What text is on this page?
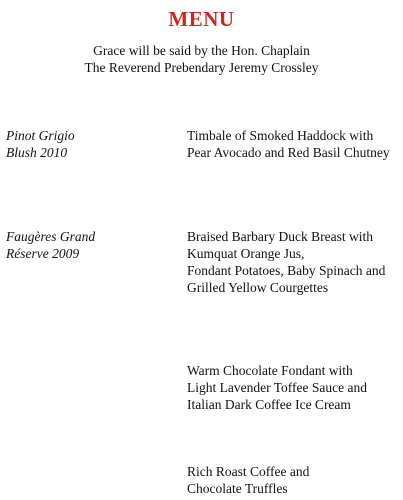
MENU
Grace will be said by the Hon. Chaplain
The Reverend Prebendary Jeremy Crossley
Pinot Grigio
Blush 2010
Timbale of Smoked Haddock with
Pear Avocado and Red Basil Chutney
Faugères Grand
Réserve 2009
Braised Barbary Duck Breast with
Kumquat Orange Jus,
Fondant Potatoes, Baby Spinach and
Grilled Yellow Courgettes
Warm Chocolate Fondant with
Light Lavender Toffee Sauce and
Italian Dark Coffee Ice Cream
Rich Roast Coffee and
Chocolate Truffles
